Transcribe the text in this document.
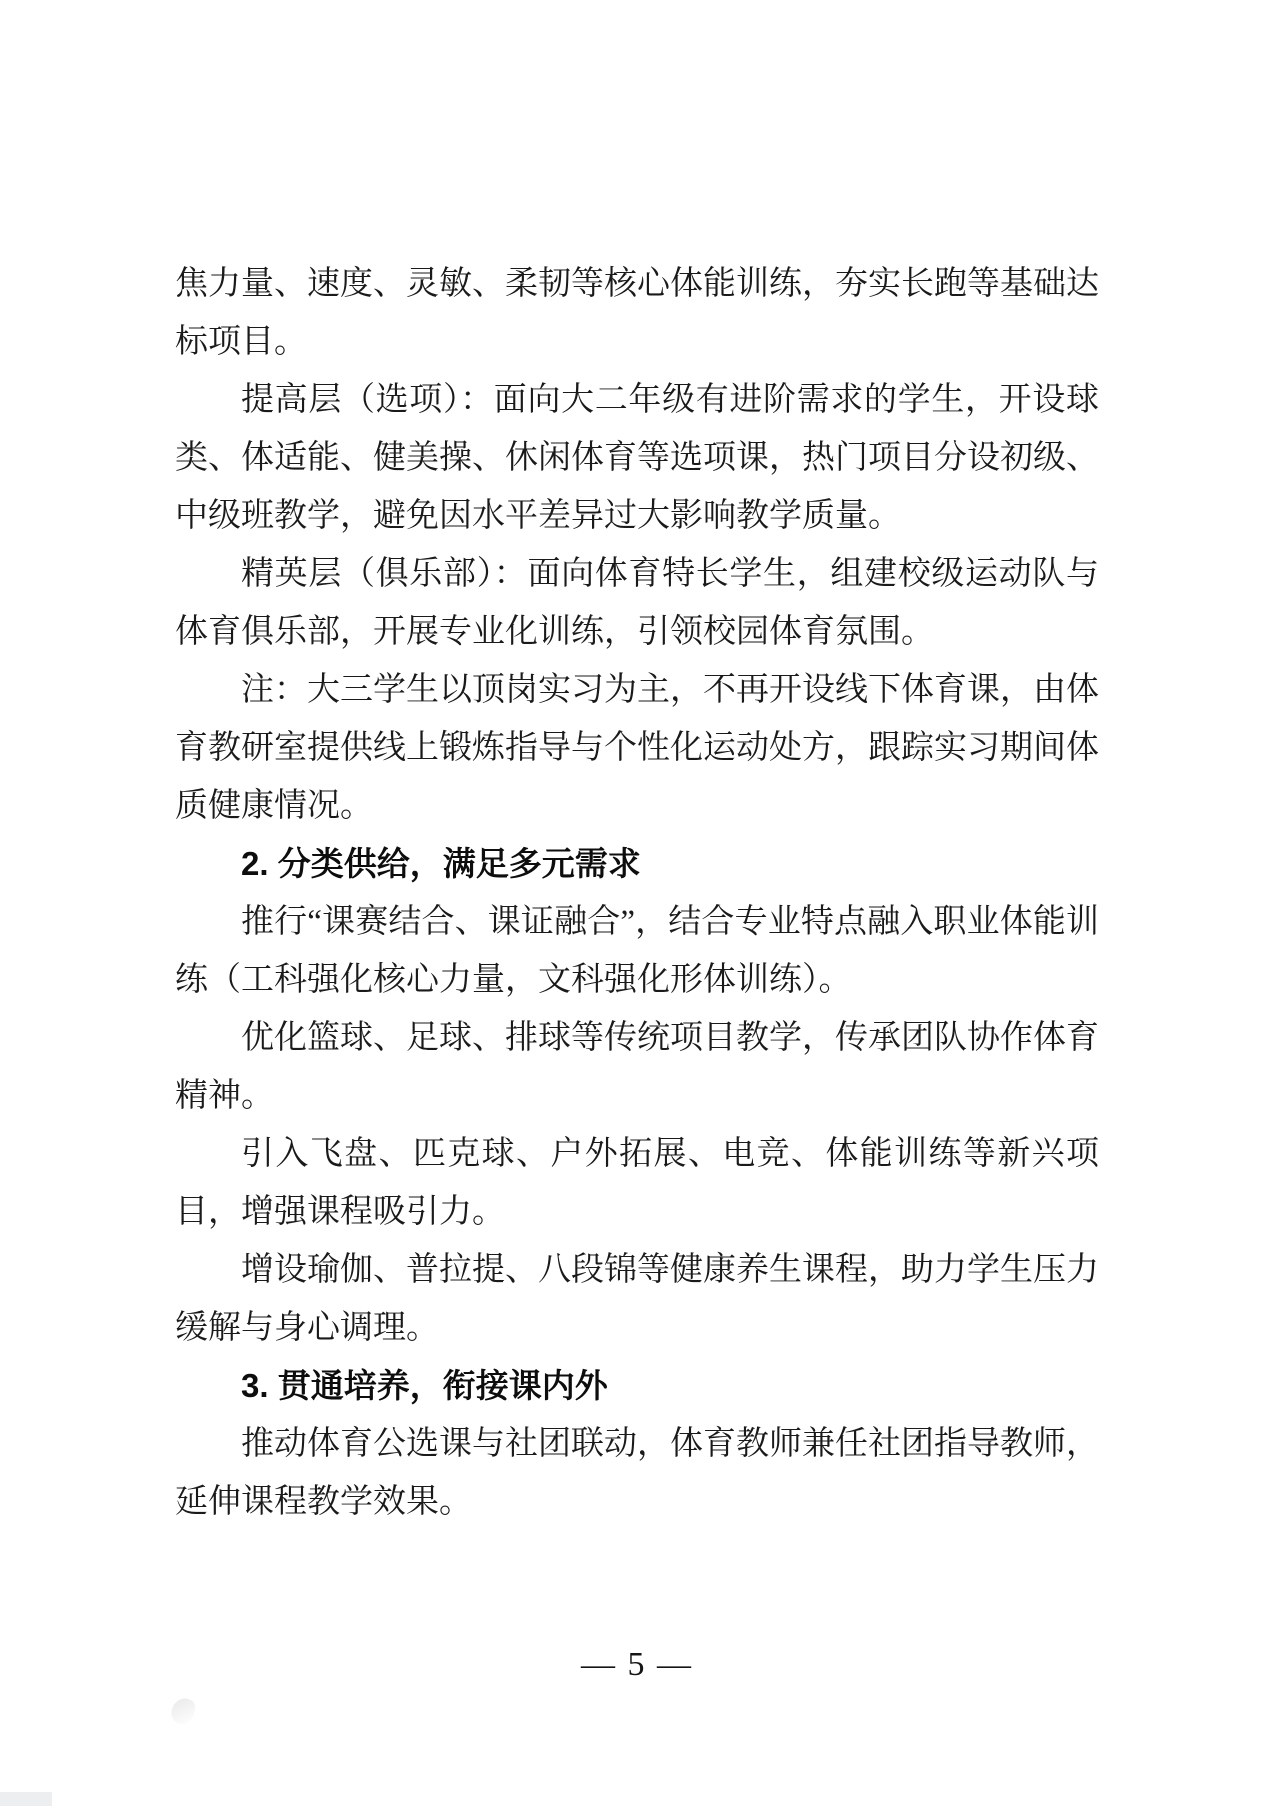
焦力量、速度、灵敏、柔韧等核心体能训练，夯实长跑等基础达标项目。

提高层（选项）：面向大二年级有进阶需求的学生，开设球类、体适能、健美操、休闲体育等选项课，热门项目分设初级、中级班教学，避免因水平差异过大影响教学质量。

精英层（俱乐部）：面向体育特长学生，组建校级运动队与体育俱乐部，开展专业化训练，引领校园体育氛围。

注：大三学生以顶岗实习为主，不再开设线下体育课，由体育教研室提供线上锻炼指导与个性化运动处方，跟踪实习期间体质健康情况。

2. 分类供给，满足多元需求

推行“课赛结合、课证融合”，结合专业特点融入职业体能训练（工科强化核心力量，文科强化形体训练）。

优化篮球、足球、排球等传统项目教学，传承团队协作体育精神。

引入飞盘、匹克球、户外拓展、电竞、体能训练等新兴项目，增强课程吸引力。

增设瑜伽、普拉提、八段锦等健康养生课程，助力学生压力缓解与身心调理。

3. 贯通培养，衔接课内外

推动体育公选课与社团联动，体育教师兼任社团指导教师，延伸课程教学效果。

— 5 —
